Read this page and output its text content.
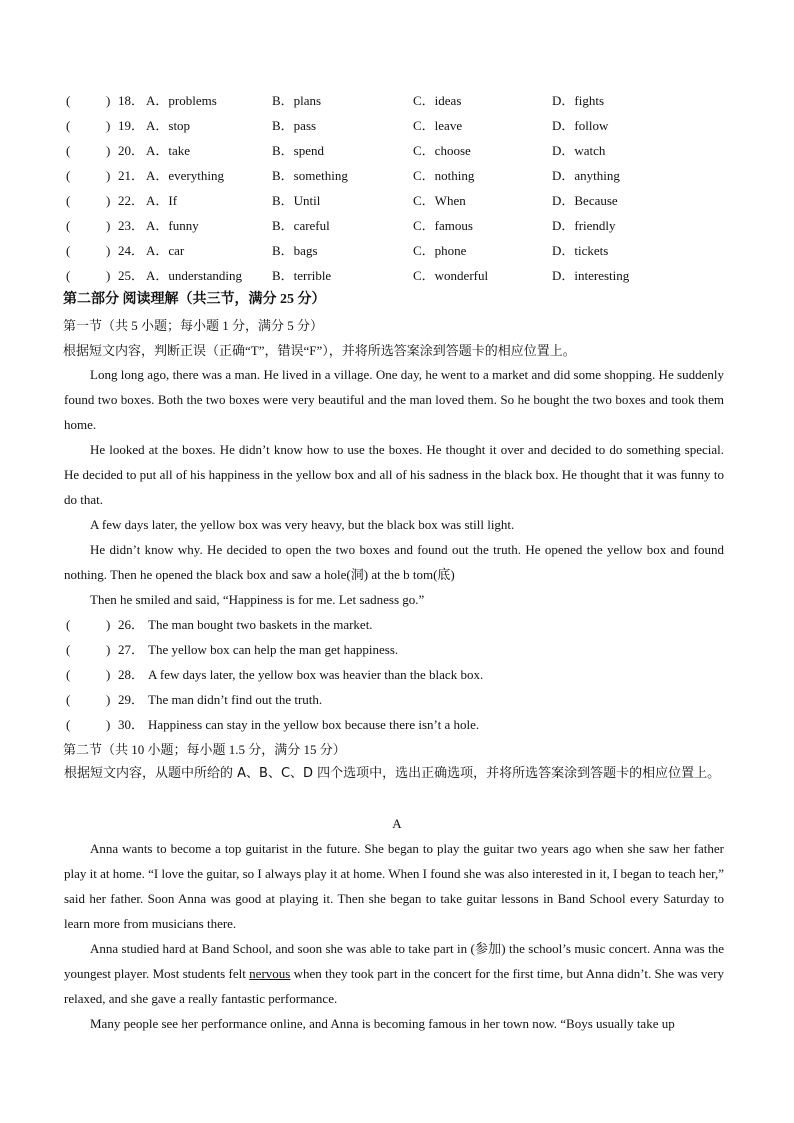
(	) 18． A．problems	B．plans	C．ideas	D．fights
(	) 19． A．stop	B．pass	C．leave	D．follow
(	) 20． A．take	B．spend	C．choose	D．watch
(	) 21． A．everything	B．something	C．nothing	D．anything
(	) 22． A．If	B．Until	C．When	D．Because
(	) 23． A．funny	B．careful	C．famous	D．friendly
(	) 24． A．car	B．bags	C．phone	D．tickets
(	) 25． A．understanding B．terrible	C．wonderful	D．interesting
第二部分 阅读理解（共三节，满分 25 分）
第一节（共 5 小题；每小题 1 分，满分 5 分）
根据短文内容，判断正误（正确“T”，错误“F”），并将所选答案涂到答题卡的相应位置上。

Long long ago, there was a man. He lived in a village. One day, he went to a market and did some shopping. He suddenly found two boxes. Both the two boxes were very beautiful and the man loved them. So he bought the two boxes and took them home.

He looked at the boxes. He didn’t know how to use the boxes. He thought it over and decided to do something special. He decided to put all of his happiness in the yellow box and all of his sadness in the black box. He thought that it was funny to do that.

A few days later, the yellow box was very heavy, but the black box was still light.

He didn’t know why. He decided to open the two boxes and found out the truth. He opened the yellow box and found nothing. Then he opened the black box and saw a hole(洞) at the b tom(底)

Then he smiled and said, “Happiness is for me. Let sadness go.”

(	) 26． The man bought two baskets in the market.
(	) 27． The yellow box can help the man get happiness.
(	) 28． A few days later, the yellow box was heavier than the black box.
(	) 29． The man didn’t find out the truth.
(	) 30． Happiness can stay in the yellow box because there isn’t a hole.
第二节（共 10 小题；每小题 1.5 分，满分 15 分）

根据短文内容，从题中所给的 A、B、C、D 四个选项中，选出正确选项，并将所选答案涂到答题卡的相应位置上。

A

Anna wants to become a top guitarist in the future. She began to play the guitar two years ago when she saw her father play it at home. “I love the guitar, so I always play it at home. When I found she was also interested in it, I began to teach her,” said her father. Soon Anna was good at playing it. Then she began to take guitar lessons in Band School every Saturday to learn more from musicians there.

Anna studied hard at Band School, and soon she was able to take part in (参加) the school’s music concert. Anna was the youngest player. Most students felt nervous when they took part in the concert for the first time, but Anna didn’t. She was very relaxed, and she gave a really fantastic performance.

Many people see her performance online, and Anna is becoming famous in her town now. “Boys usually take up
